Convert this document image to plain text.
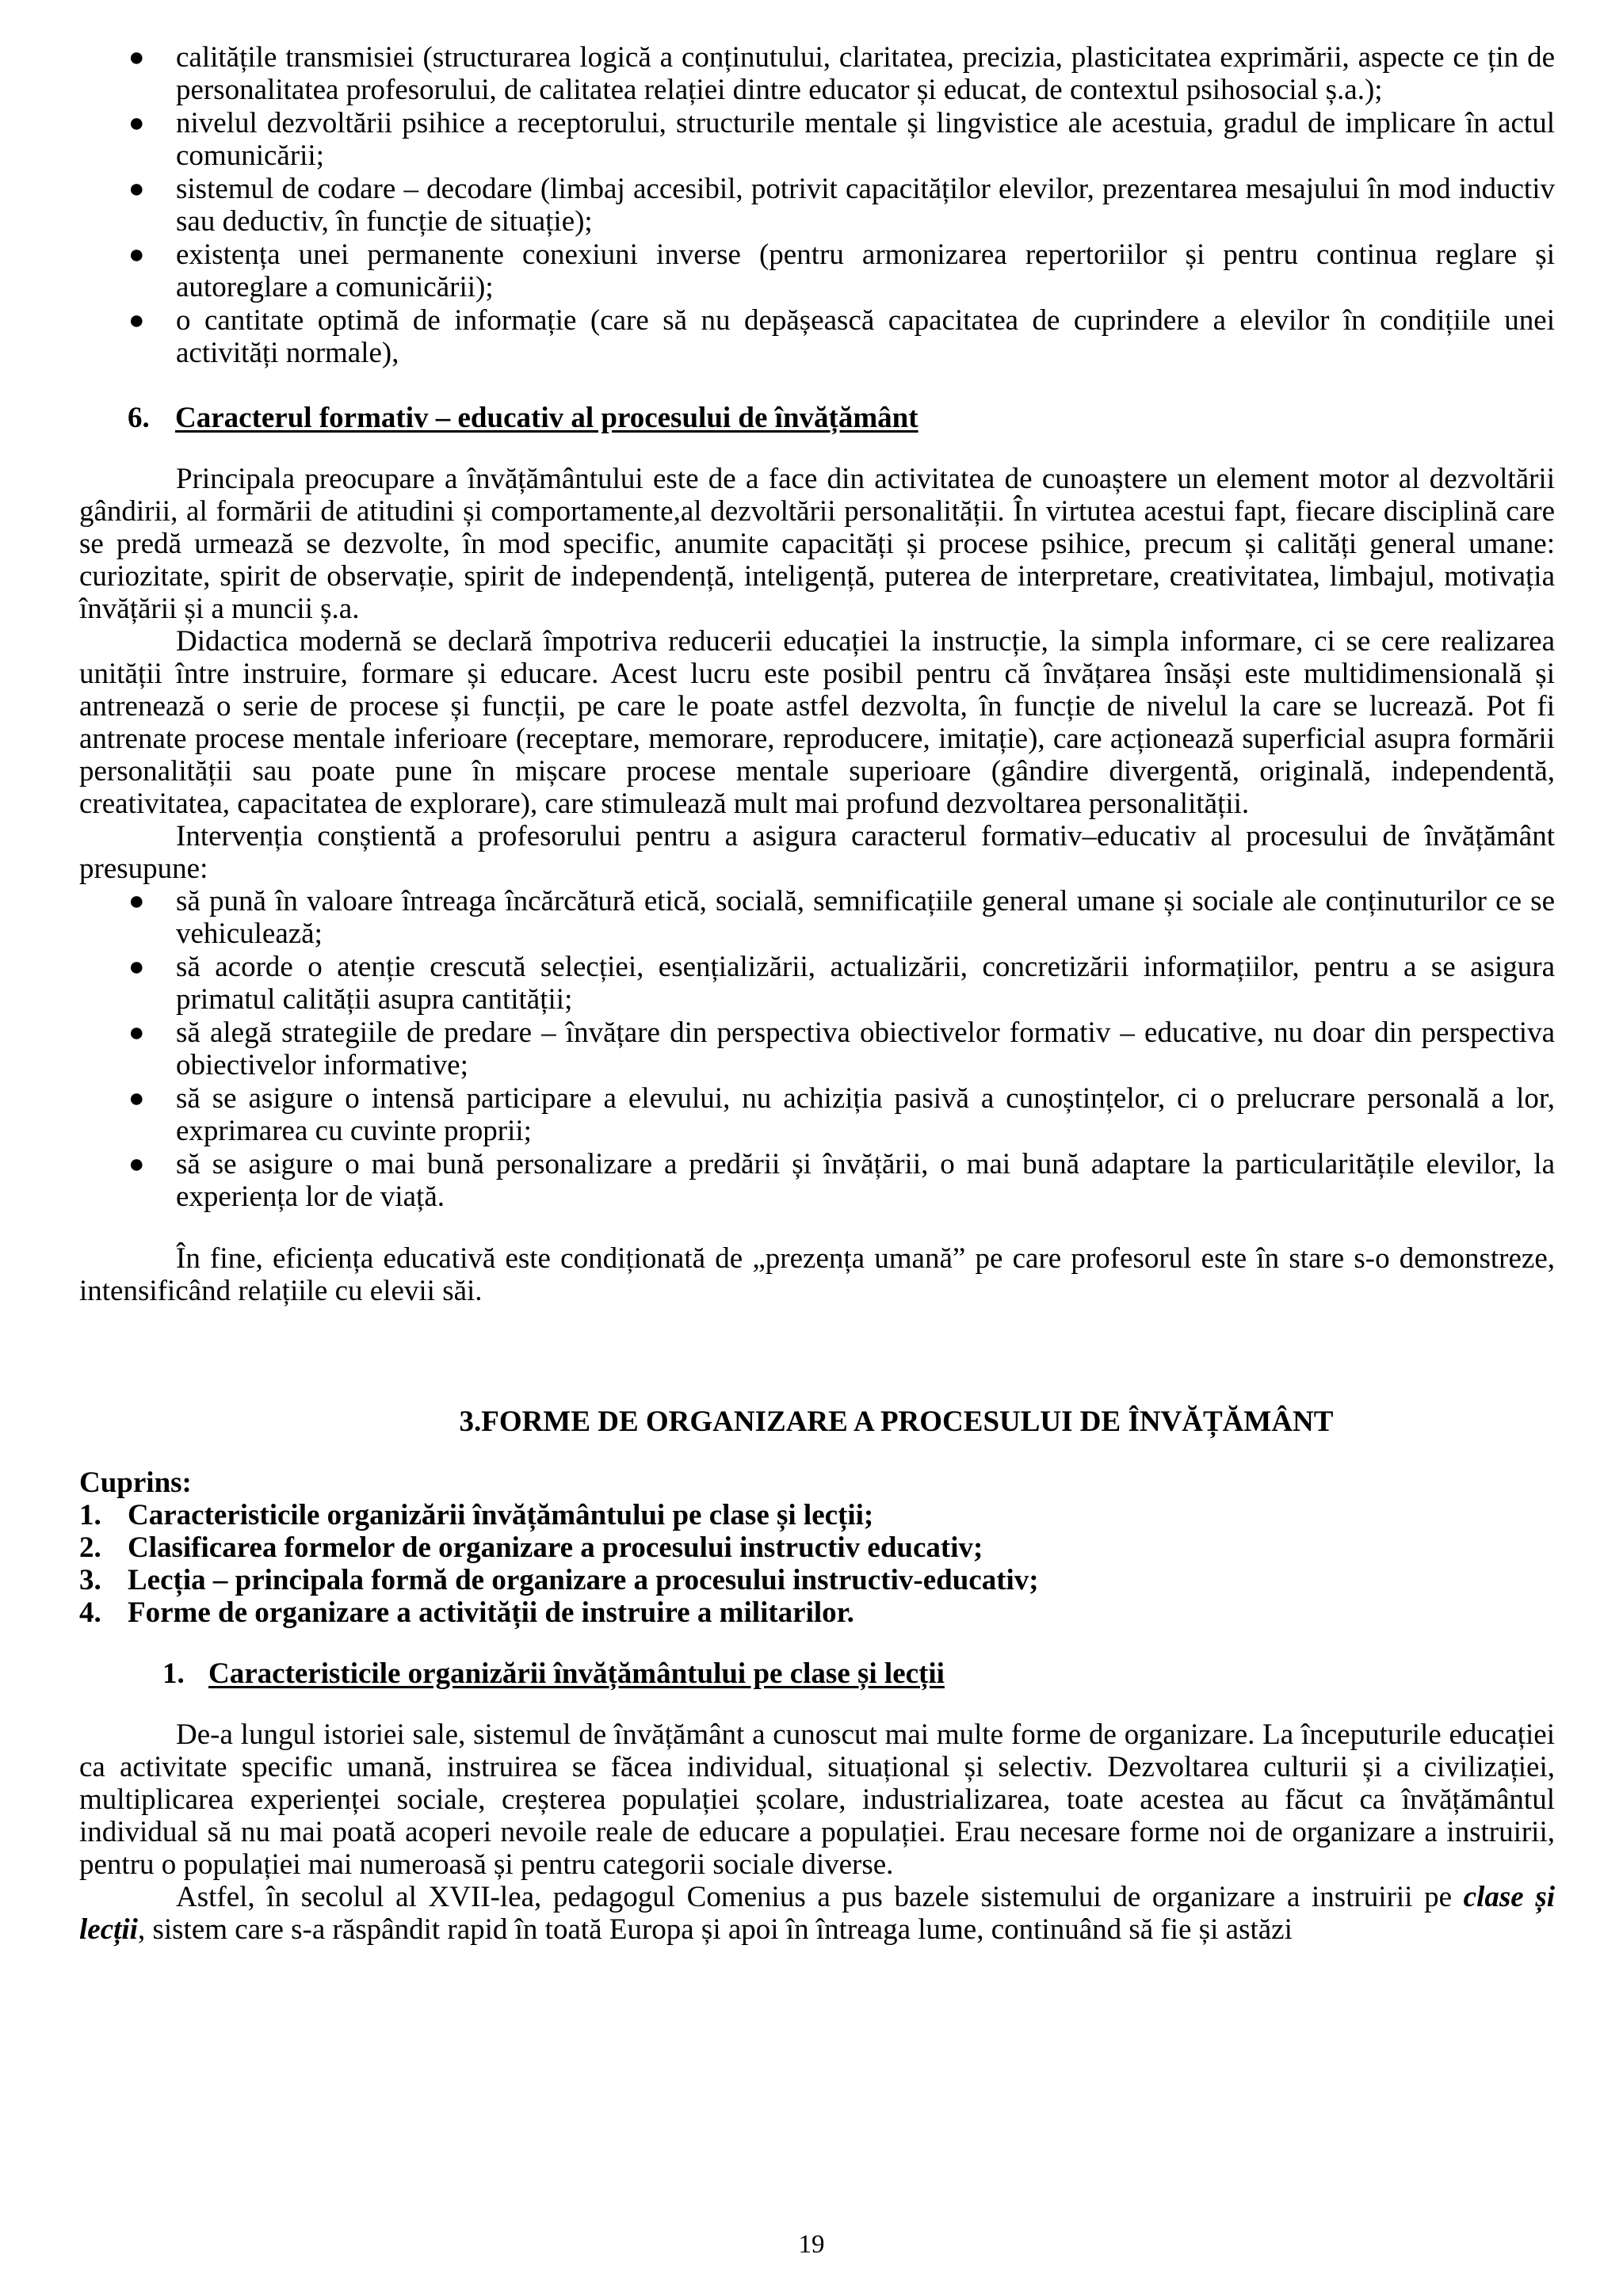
● calitățile transmisiei (structurarea logică a conținutului, claritatea, precizia, plasticitatea exprimării, aspecte ce țin de personalitatea profesorului, de calitatea relației dintre educator și educat, de contextul psihosocial ș.a.);
● nivelul dezvoltării psihice a receptorului, structurile mentale și lingvistice ale acestuia, gradul de implicare în actul comunicării;
● sistemul de codare – decodare (limbaj accesibil, potrivit capacităților elevilor, prezentarea mesajului în mod inductiv sau deductiv, în funcție de situație);
● existența unei permanente conexiuni inverse (pentru armonizarea repertoriilor și pentru continua reglare și autoreglare a comunicării);
● o cantitate optimă de informație (care să nu depășească capacitatea de cuprindere a elevilor în condițiile unei activități normale),
6. Caracterul formativ – educativ al procesului de învățământ

Principala preocupare a învățământului este de a face din activitatea de cunoaștere un element motor al dezvoltării gândirii, al formării de atitudini și comportamente,al dezvoltării personalității. În virtutea acestui fapt, fiecare disciplină care se predă urmează se dezvolte, în mod specific, anumite capacități și procese psihice, precum și calități general umane: curiozitate, spirit de observație, spirit de independență, inteligență, puterea de interpretare, creativitatea, limbajul, motivația învățării și a muncii ș.a.

Didactica modernă se declară împotriva reducerii educației la instrucție, la simpla informare, ci se cere realizarea unității între instruire, formare și educare. Acest lucru este posibil pentru că învățarea însăși este multidimensională și antrenează o serie de procese și funcții, pe care le poate astfel dezvolta, în funcție de nivelul la care se lucrează. Pot fi antrenate procese mentale inferioare (receptare, memorare, reproducere, imitație), care acționează superficial asupra formării personalității sau poate pune în mișcare procese mentale superioare (gândire divergentă, originală, independentă, creativitatea, capacitatea de explorare), care stimulează mult mai profund dezvoltarea personalității.

Intervenția conștientă a profesorului pentru a asigura caracterul formativ–educativ al procesului de învățământ presupune:

● să pună în valoare întreaga încărcătură etică, socială, semnificațiile general umane și sociale ale conținuturilor ce se vehiculează;
● să acorde o atenție crescută selecției, esențializării, actualizării, concretizării informațiilor, pentru a se asigura primatul calității asupra cantității;
● să alegă strategiile de predare – învățare din perspectiva obiectivelor formativ – educative, nu doar din perspectiva obiectivelor informative;
● să se asigure o intensă participare a elevului, nu achiziția pasivă a cunoștințelor, ci o prelucrare personală a lor, exprimarea cu cuvinte proprii;
● să se asigure o mai bună personalizare a predării și învățării, o mai bună adaptare la particularitățile elevilor, la experiența lor de viață.

În fine, eficiența educativă este condiționată de „prezența umană” pe care profesorul este în stare s-o demonstreze, intensificând relațiile cu elevii săi.

3.FORME DE ORGANIZARE A PROCESULUI DE ÎNVĂȚĂMÂNT
Cuprins:
1. Caracteristicile organizării învățământului pe clase și lecții;
2. Clasificarea formelor de organizare a procesului instructiv educativ;
3. Lecția – principala formă de organizare a procesului instructiv-educativ;
4. Forme de organizare a activității de instruire a militarilor.
1. Caracteristicile organizării învățământului pe clase și lecții

De-a lungul istoriei sale, sistemul de învățământ a cunoscut mai multe forme de organizare. La începuturile educației ca activitate specific umană, instruirea se făcea individual, situațional și selectiv. Dezvoltarea culturii și a civilizației, multiplicarea experienței sociale, creșterea populației școlare, industrializarea, toate acestea au făcut ca învățământul individual să nu mai poată acoperi nevoile reale de educare a populației. Erau necesare forme noi de organizare a instruirii, pentru o populației mai numeroasă și pentru categorii sociale diverse.

Astfel, în secolul al XVII-lea, pedagogul Comenius a pus bazele sistemului de organizare a instruirii pe clase și lecții, sistem care s-a răspândit rapid în toată Europa și apoi în întreaga lume, continuând să fie și astăzi

19
